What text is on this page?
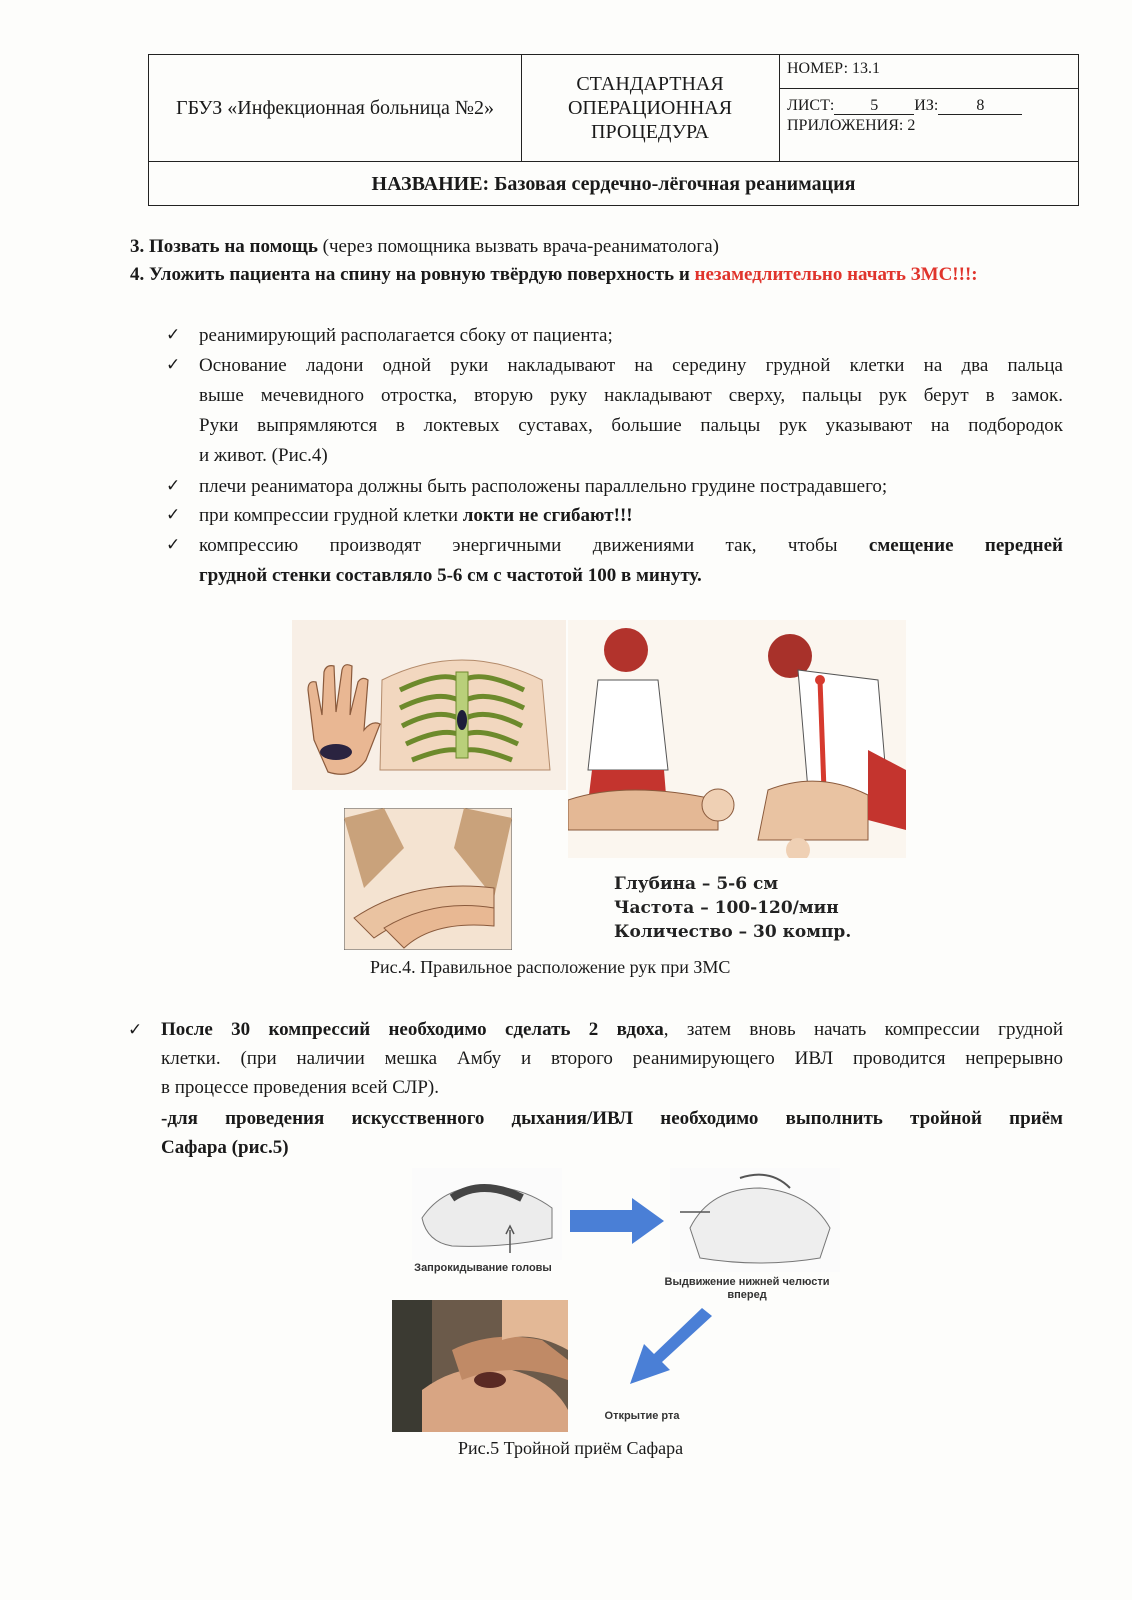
ГБУЗ «Инфекционная больница №2»
СТАНДАРТНАЯ
ОПЕРАЦИОННАЯ
ПРОЦЕДУРА
НОМЕР: 13.1
ЛИСТ: 5 ИЗ: 8
ПРИЛОЖЕНИЯ: 2
НАЗВАНИЕ: Базовая сердечно-лёгочная реанимация
3. Позвать на помощь (через помощника вызвать врача-реаниматолога)
4. Уложить пациента на спину на ровную твёрдую поверхность и незамедлительно начать ЗМС!!!:
✓ реанимирующий располагается сбоку от пациента;
✓ Основание ладони одной руки накладывают на середину грудной клетки на два пальца
выше мечевидного отростка, вторую руку накладывают сверху, пальцы рук берут в замок.
Руки выпрямляются в локтевых суставах, большие пальцы рук указывают на подбородок
и живот. (Рис.4)
✓ плечи реаниматора должны быть расположены параллельно грудине пострадавшего;
✓ при компрессии грудной клетки локти не сгибают!!!
✓ компрессию производят энергичными движениями так, чтобы смещение передней
грудной стенки составляло 5-6 см с частотой 100 в минуту.
Глубина – 5-6 см
Частота – 100-120/мин
Количество – 30 компр.
Рис.4. Правильное расположение рук при ЗМС
✓ После 30 компрессий необходимо сделать 2 вдоха, затем вновь начать компрессии грудной
клетки. (при наличии мешка Амбу и второго реанимирующего ИВЛ проводится непрерывно
в процессе проведения всей СЛР).
-для проведения искусственного дыхания/ИВЛ необходимо выполнить тройной приём
Сафара (рис.5)
Запрокидывание головы
Выдвижение нижней челюсти вперед
Открытие рта
Рис.5 Тройной приём Сафара
